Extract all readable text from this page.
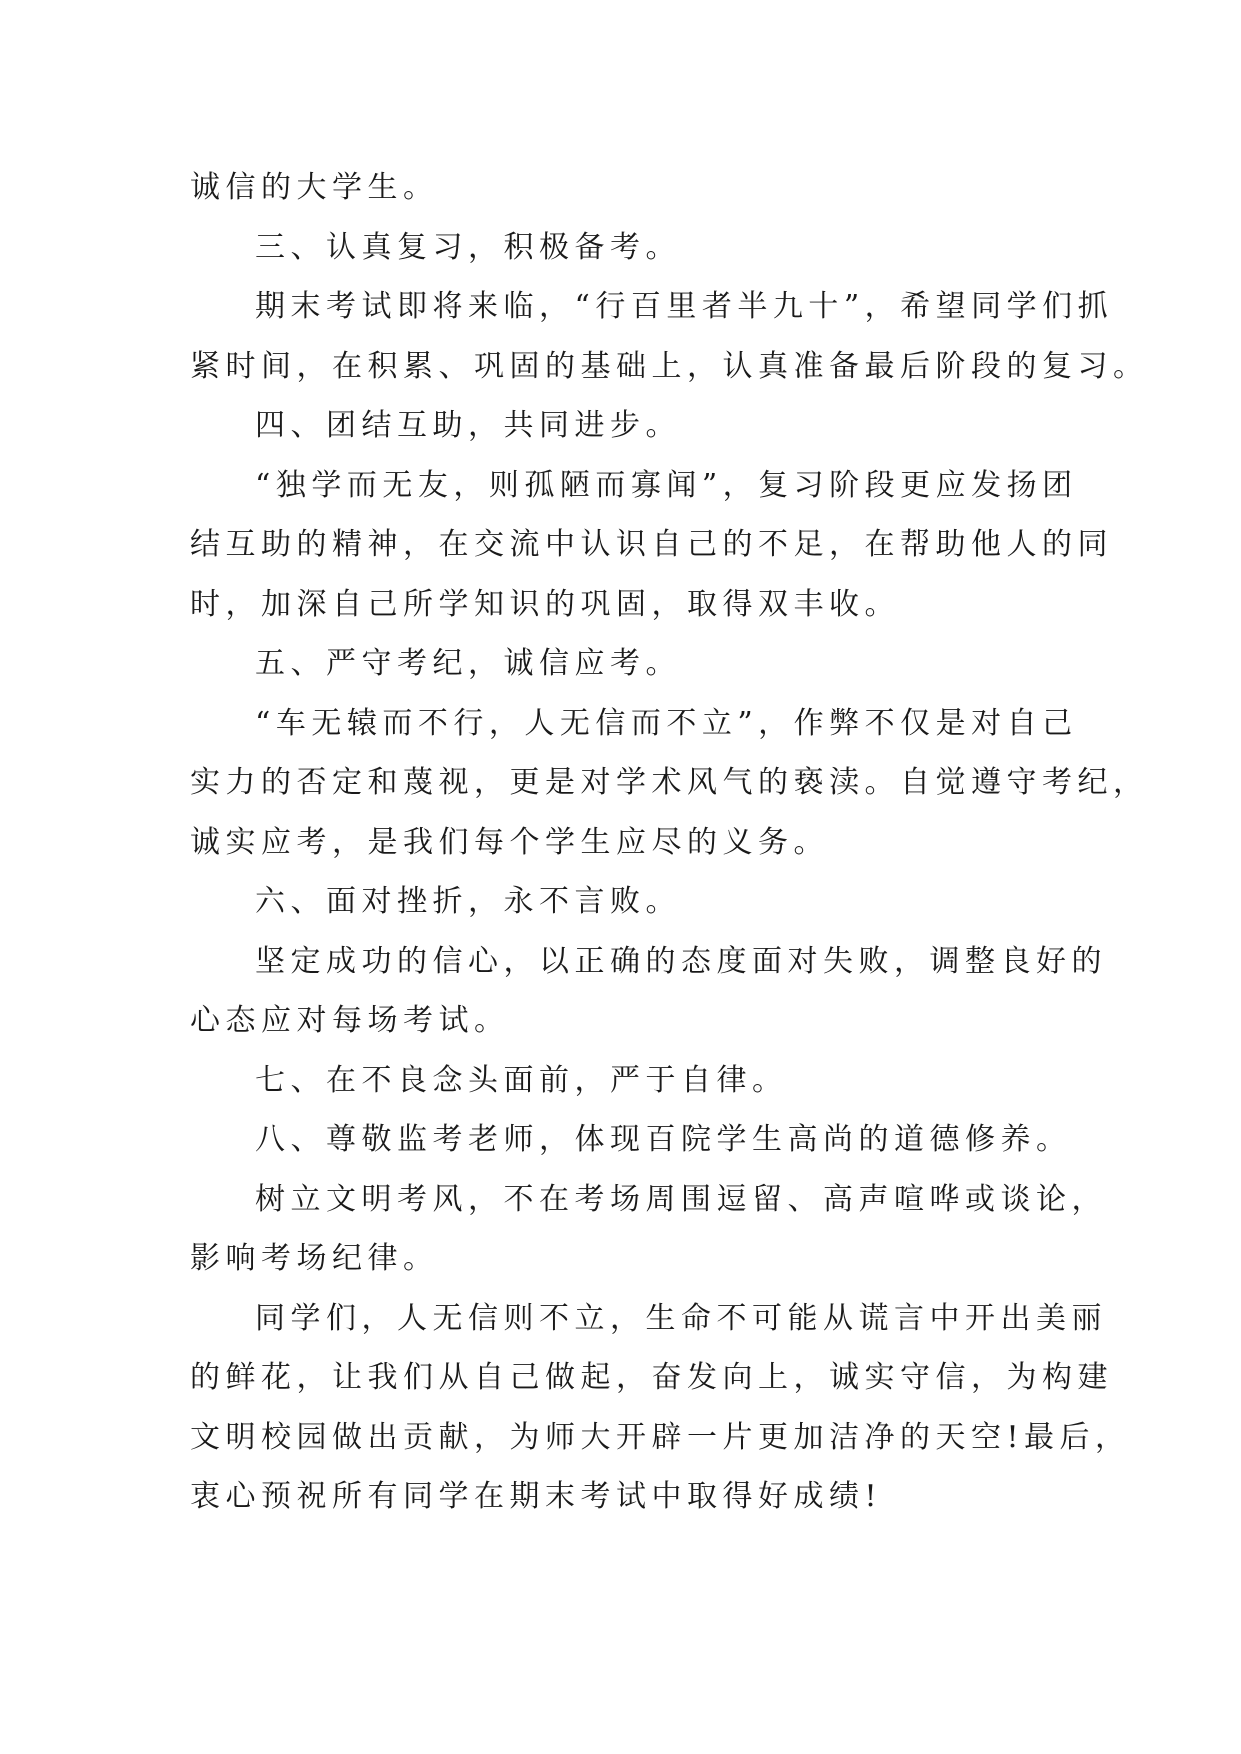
诚信的大学生。
三、认真复习，积极备考。
期末考试即将来临，“行百里者半九十”，希望同学们抓
紧时间，在积累、巩固的基础上，认真准备最后阶段的复习。
四、团结互助，共同进步。
“独学而无友，则孤陋而寡闻”，复习阶段更应发扬团
结互助的精神，在交流中认识自己的不足，在帮助他人的同
时，加深自己所学知识的巩固，取得双丰收。
五、严守考纪，诚信应考。
“车无辕而不行，人无信而不立”，作弊不仅是对自己
实力的否定和蔑视，更是对学术风气的亵渎。自觉遵守考纪，
诚实应考，是我们每个学生应尽的义务。
六、面对挫折，永不言败。
坚定成功的信心，以正确的态度面对失败，调整良好的
心态应对每场考试。
七、在不良念头面前，严于自律。
八、尊敬监考老师，体现百院学生高尚的道德修养。
树立文明考风，不在考场周围逗留、高声喧哗或谈论，
影响考场纪律。
同学们，人无信则不立，生命不可能从谎言中开出美丽
的鲜花，让我们从自己做起，奋发向上，诚实守信，为构建
文明校园做出贡献，为师大开辟一片更加洁净的天空!最后，
衷心预祝所有同学在期末考试中取得好成绩!
